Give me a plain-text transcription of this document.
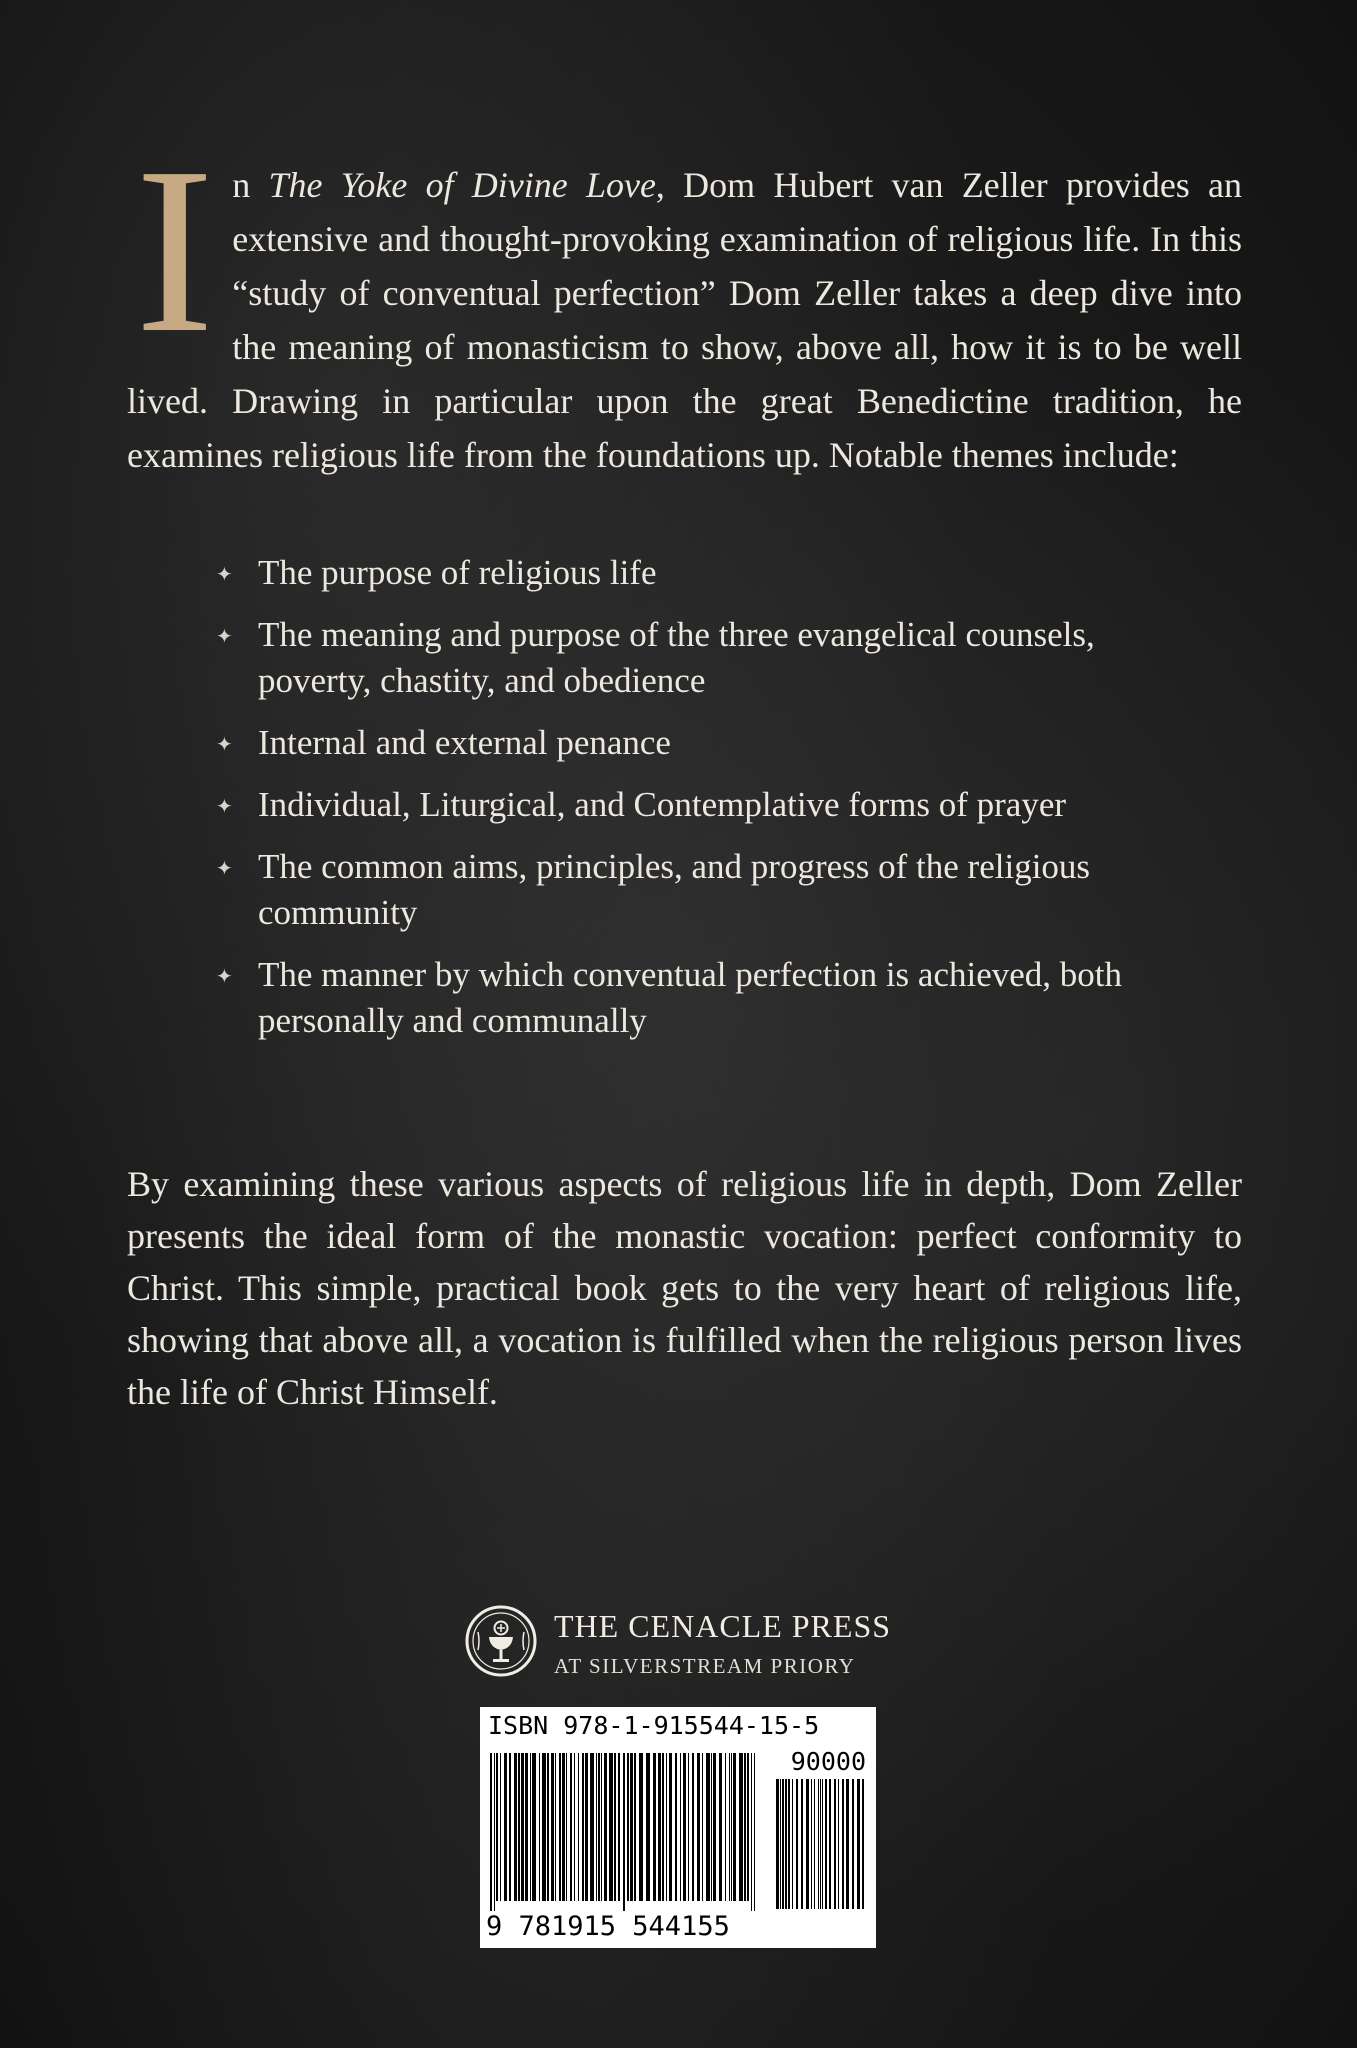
In The Yoke of Divine Love, Dom Hubert van Zeller provides an extensive and thought-provoking examination of religious life. In this “study of conventual perfection” Dom Zeller takes a deep dive into the meaning of monasticism to show, above all, how it is to be well lived. Drawing in particular upon the great Benedictine tradition, he examines religious life from the foundations up. Notable themes include:
✦ The purpose of religious life
✦ The meaning and purpose of the three evangelical counsels, poverty, chastity, and obedience
✦ Internal and external penance
✦ Individual, Liturgical, and Contemplative forms of prayer
✦ The common aims, principles, and progress of the religious community
✦ The manner by which conventual perfection is achieved, both personally and communally

By examining these various aspects of religious life in depth, Dom Zeller presents the ideal form of the monastic vocation: perfect conformity to Christ. This simple, practical book gets to the very heart of religious life, showing that above all, a vocation is fulfilled when the religious person lives the life of Christ Himself.

THE CENACLE PRESS
AT SILVERSTREAM PRIORY
ISBN 978-1-915544-15-5
90000
9 781915 544155
